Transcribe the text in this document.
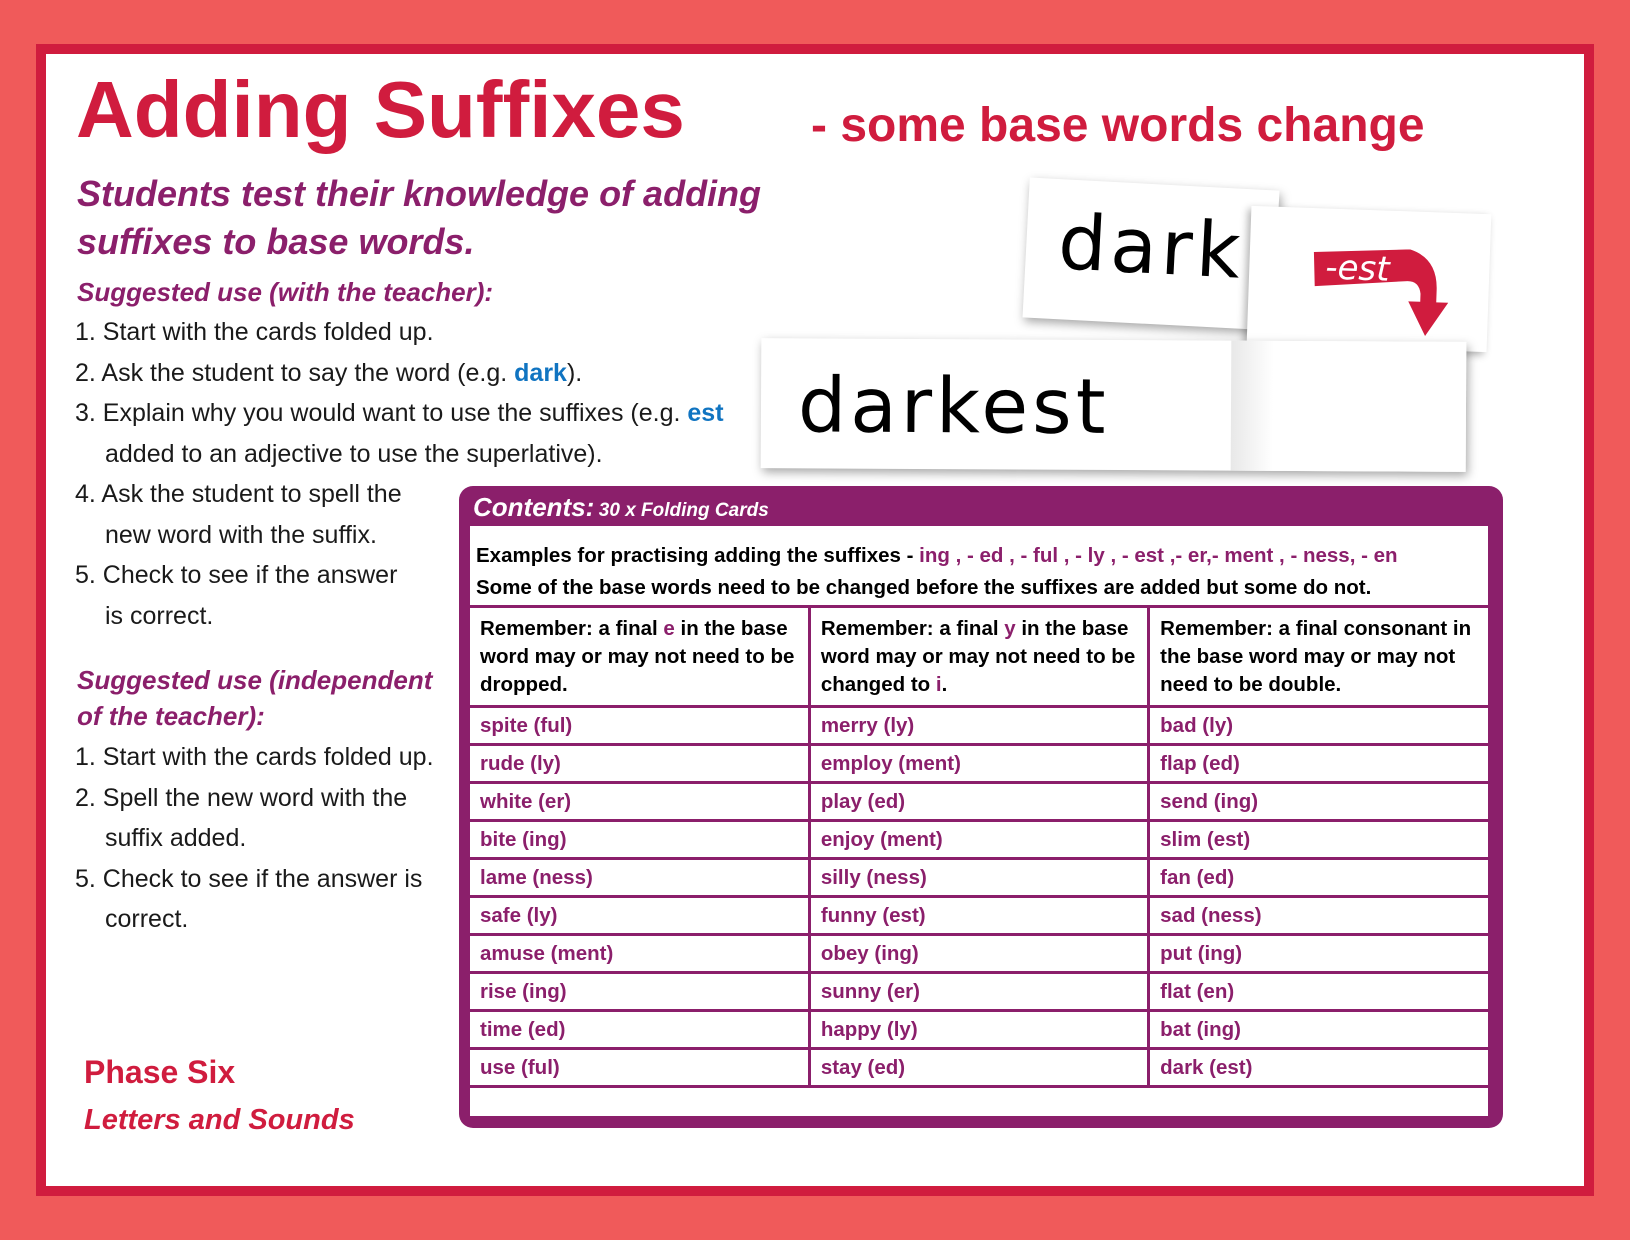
Adding Suffixes	- some base words change
Students test their knowledge of adding suffixes to base words.
Suggested use (with the teacher):
1. Start with the cards folded up.
2. Ask the student to say the word (e.g. dark).
3. Explain why you would want to use the suffixes (e.g. est
added to an adjective to use the superlative).
4. Ask the student to spell the
new word with the suffix.
5. Check to see if the answer
is correct.
Suggested use (independent
of the teacher):
1. Start with the cards folded up.
2. Spell the new word with the
suffix added.
5. Check to see if the answer is
correct.
dark -est
darkest
Contents: 30 x Folding Cards
Examples for practising adding the suffixes - ing , - ed , - ful , - ly , - est ,- er,- ment , - ness, - en
Some of the base words need to be changed before the suffixes are added but some do not.
Remember: a final e in the base word may or may not need to be dropped.	Remember: a final y in the base word may or may not need to be changed to i.	Remember: a final consonant in the base word may or may not need to be double.
spite (ful)	merry (ly)	bad (ly)
rude (ly)	employ (ment)	flap (ed)
white (er)	play (ed)	send (ing)
bite (ing)	enjoy (ment)	slim (est)
lame (ness)	silly (ness)	fan (ed)
safe (ly)	funny (est)	sad (ness)
amuse (ment)	obey (ing)	put (ing)
rise (ing)	sunny (er)	flat (en)
time (ed)	happy (ly)	bat (ing)
use (ful)	stay (ed)	dark (est)
Phase Six
Letters and Sounds
